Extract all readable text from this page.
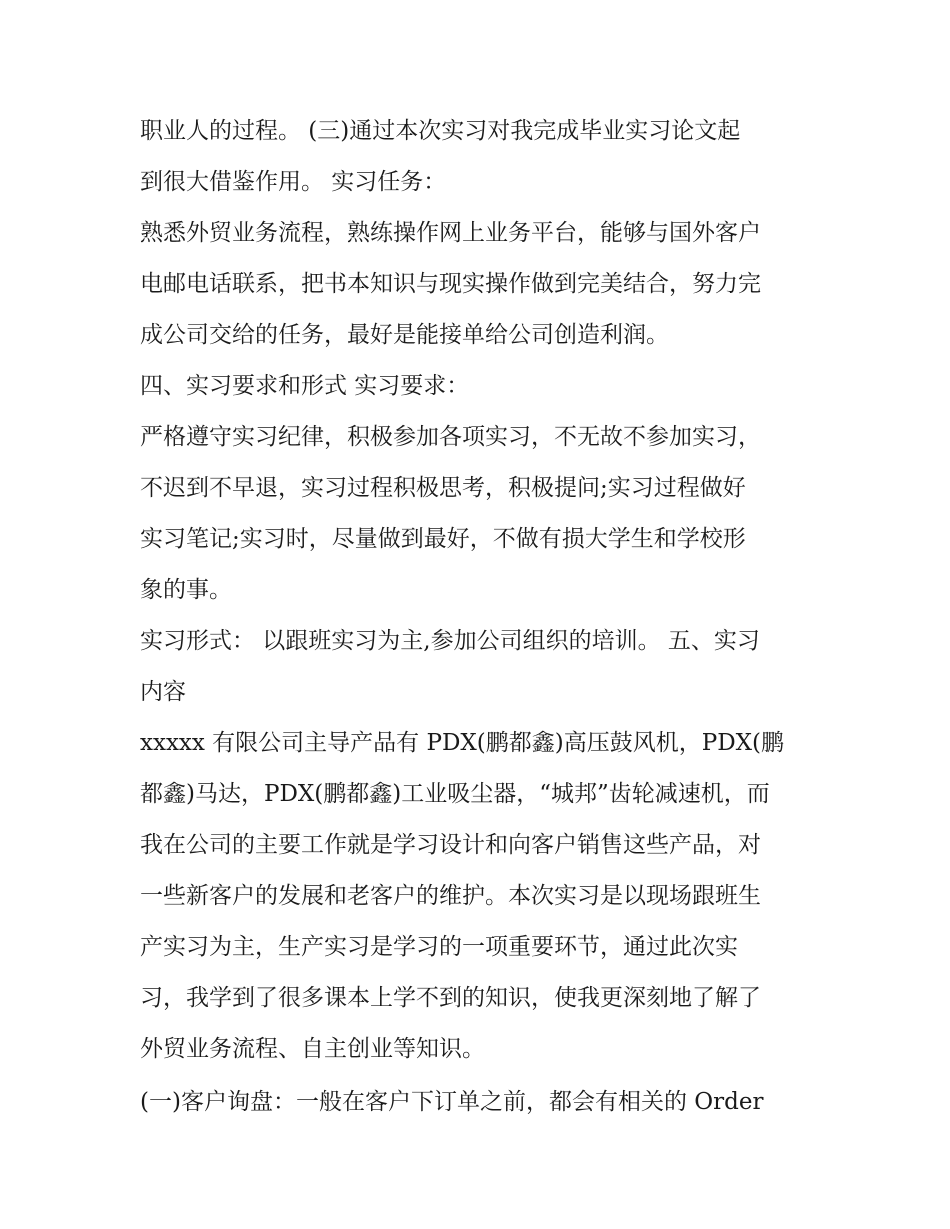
职业人的过程。 (三)通过本次实习对我完成毕业实习论文起
到很大借鉴作用。 实习任务：
熟悉外贸业务流程，熟练操作网上业务平台，能够与国外客户
电邮电话联系，把书本知识与现实操作做到完美结合，努力完
成公司交给的任务，最好是能接单给公司创造利润。
四、实习要求和形式 实习要求：
严格遵守实习纪律，积极参加各项实习，不无故不参加实习，
不迟到不早退，实习过程积极思考，积极提问;实习过程做好
实习笔记;实习时，尽量做到最好，不做有损大学生和学校形
象的事。
实习形式： 以跟班实习为主,参加公司组织的培训。 五、实习
内容
xxxxx 有限公司主导产品有 PDX(鹏都鑫)高压鼓风机，PDX(鹏
都鑫)马达，PDX(鹏都鑫)工业吸尘器，“城邦”齿轮减速机，而
我在公司的主要工作就是学习设计和向客户销售这些产品，对
一些新客户的发展和老客户的维护。本次实习是以现场跟班生
产实习为主，生产实习是学习的一项重要环节，通过此次实
习，我学到了很多课本上学不到的知识，使我更深刻地了解了
外贸业务流程、自主创业等知识。
(一)客户询盘：一般在客户下订单之前，都会有相关的 Order
